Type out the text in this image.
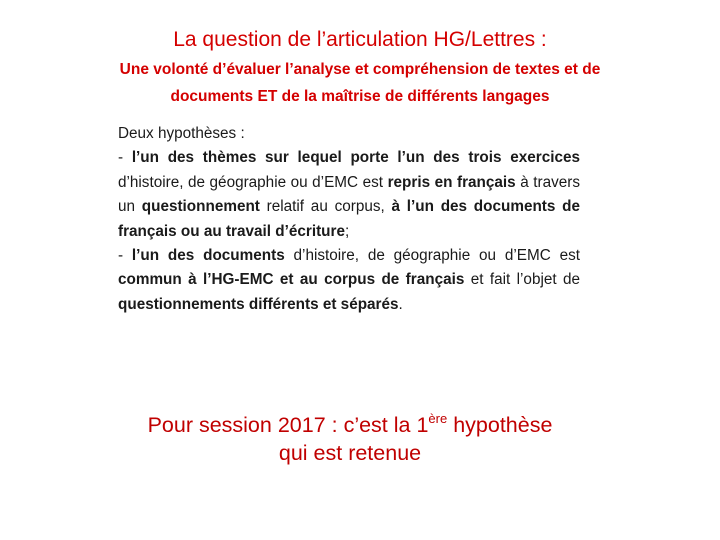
La question de l’articulation HG/Lettres :
Une volonté d’évaluer l’analyse et compréhension de textes et de
documents ET de la maîtrise de différents langages

Deux hypothèses :

- l’un des thèmes sur lequel porte l’un des trois exercices d’histoire, de géographie ou d’EMC est repris en français à travers un questionnement relatif au corpus, à l’un des documents de français ou au travail d’écriture;

- l’un des documents d’histoire, de géographie ou d’EMC est commun à l’HG-EMC et au corpus de français et fait l’objet de questionnements différents et séparés.

Pour session 2017 : c’est la 1ère hypothèse
qui est retenue
